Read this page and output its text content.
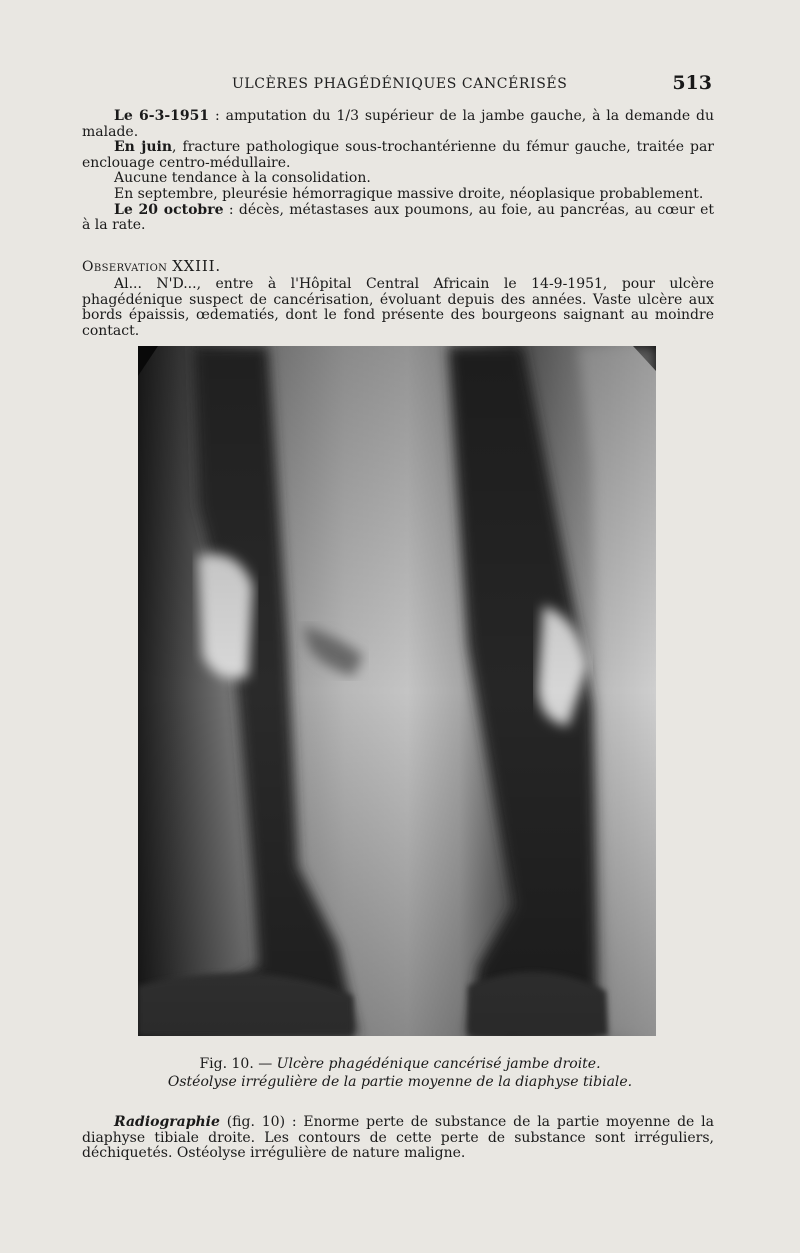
ULCÈRES PHAGÉDÉNIQUES CANCÉRISÉS	513

Le 6-3-1951 : amputation du 1/3 supérieur de la jambe gauche, à la demande du malade.

En juin, fracture pathologique sous-trochantérienne du fémur gauche, traitée par enclouage centro-médullaire.

Aucune tendance à la consolidation.

En septembre, pleurésie hémorragique massive droite, néoplasique probablement.

Le 20 octobre : décès, métastases aux poumons, au foie, au pancréas, au cœur et à la rate.

Observation XXIII.

Al... N'D..., entre à l'Hôpital Central Africain le 14-9-1951, pour ulcère phagédénique suspect de cancérisation, évoluant depuis des années. Vaste ulcère aux bords épaissis, œdematiés, dont le fond présente des bourgeons saignant au moindre contact.

Fig. 10. — Ulcère phagédénique cancérisé jambe droite.
Ostéolyse irrégulière de la partie moyenne de la diaphyse tibiale.

Radiographie (fig. 10) : Enorme perte de substance de la partie moyenne de la diaphyse tibiale droite. Les contours de cette perte de substance sont irréguliers, déchiquetés. Ostéolyse irrégulière de nature maligne.
